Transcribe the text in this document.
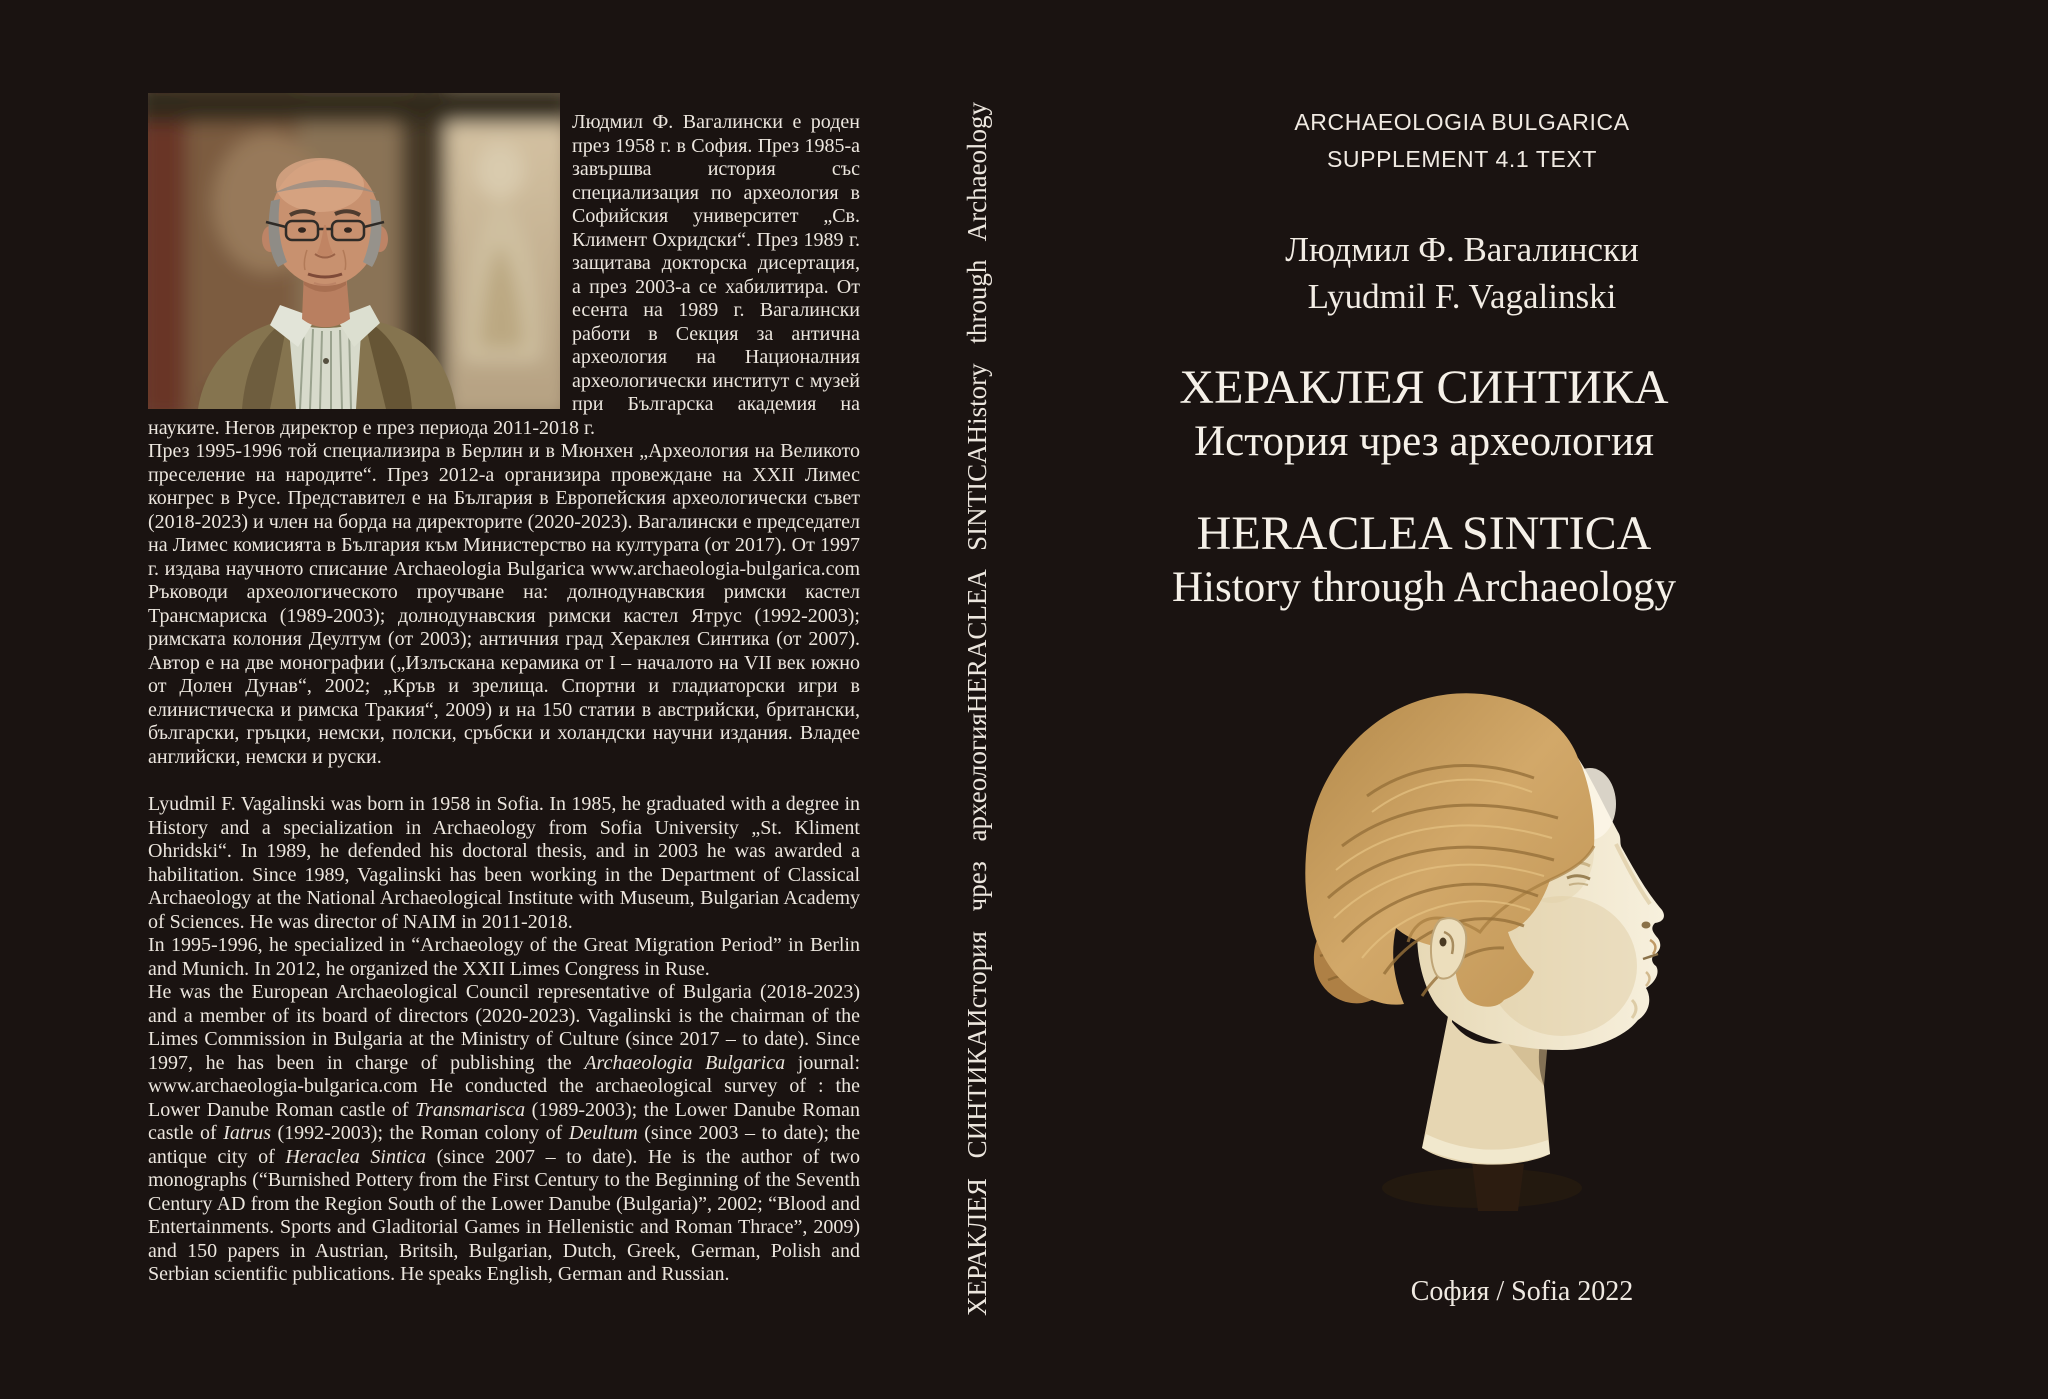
Людмил Ф. Вагалински е роден през 1958 г. в София. През 1985-а завършва история със специализация по археология в Софийския университет „Св. Климент Охридски“. През 1989 г. защитава докторска дисертация, а през 2003-а се хабилитира. От есента на 1989 г. Вагалински работи в Секция за антична археология на Националния археологически институт с музей при Българска академия на науките. Негов директор е през периода 2011-2018 г.

През 1995-1996 той специализира в Берлин и в Мюнхен „Археология на Великото преселение на народите“. През 2012-а организира провеждане на XXII Лимес конгрес в Русе. Представител е на България в Европейския археологически съвет (2018-2023) и член на борда на директорите (2020-2023). Вагалински е председател на Лимес комисията в България към Министерство на културата (от 2017). От 1997 г. издава научното списание Archaeologia Bulgarica www.archaeologia-bulgarica.com Ръководи археологическото проучване на: долнодунавския римски кастел Трансмариска (1989-2003); долнодунавския римски кастел Ятрус (1992-2003); римската колония Деултум (от 2003); античния град Хераклея Синтика (от 2007). Автор е на две монографии („Излъскана керамика от I – началото на VII век южно от Долен Дунав“, 2002; „Кръв и зрелища. Спортни и гладиаторски игри в елинистическа и римска Тракия“, 2009) и на 150 статии в австрийски, британски, български, гръцки, немски, полски, сръбски и холандски научни издания. Владее английски, немски и руски.

Lyudmil F. Vagalinski was born in 1958 in Sofia. In 1985, he graduated with a degree in History and a specialization in Archaeology from Sofia University „St. Kliment Ohridski“. In 1989, he defended his doctoral thesis, and in 2003 he was awarded a habilitation. Since 1989, Vagalinski has been working in the Department of Classical Archaeology at the National Archaeological Institute with Museum, Bulgarian Academy of Sciences. He was director of NAIM in 2011-2018.

In 1995-1996, he specialized in “Archaeology of the Great Migration Period” in Berlin and Munich. In 2012, he organized the XXII Limes Congress in Ruse.

He was the European Archaeological Council representative of Bulgaria (2018-2023) and a member of its board of directors (2020-2023). Vagalinski is the chairman of the Limes Commission in Bulgaria at the Ministry of Culture (since 2017 – to date). Since 1997, he has been in charge of publishing the Archaeologia Bulgarica journal: www.archaeologia-bulgarica.com He conducted the archaeological survey of : the Lower Danube Roman castle of Transmarisca (1989-2003); the Lower Danube Roman castle of Iatrus (1992-2003); the Roman colony of Deultum (since 2003 – to date); the antique city of Heraclea Sintica (since 2007 – to date). He is the author of two monographs (“Burnished Pottery from the First Century to the Beginning of the Seventh Century AD from the Region South of the Lower Danube (Bulgaria)”, 2002; “Blood and Entertainments. Sports and Gladitorial Games in Hellenistic and Roman Thrace”, 2009) and 150 papers in Austrian, Britsih, Bulgarian, Dutch, Greek, German, Polish and Serbian scientific publications. He speaks English, German and Russian.	ХЕРАКЛЕЯ СИНТИКА
История чрез археология
HERACLEA SINTICA
History through Archaeology	ARCHAEOLOGIA BULGARICA
SUPPLEMENT 4.1 TEXT
Людмил Ф. Вагалински
Lyudmil F. Vagalinski
ХЕРАКЛЕЯ СИНТИКА
История чрез археология
HERACLEA SINTICA
History through Archaeology
София / Sofia 2022
